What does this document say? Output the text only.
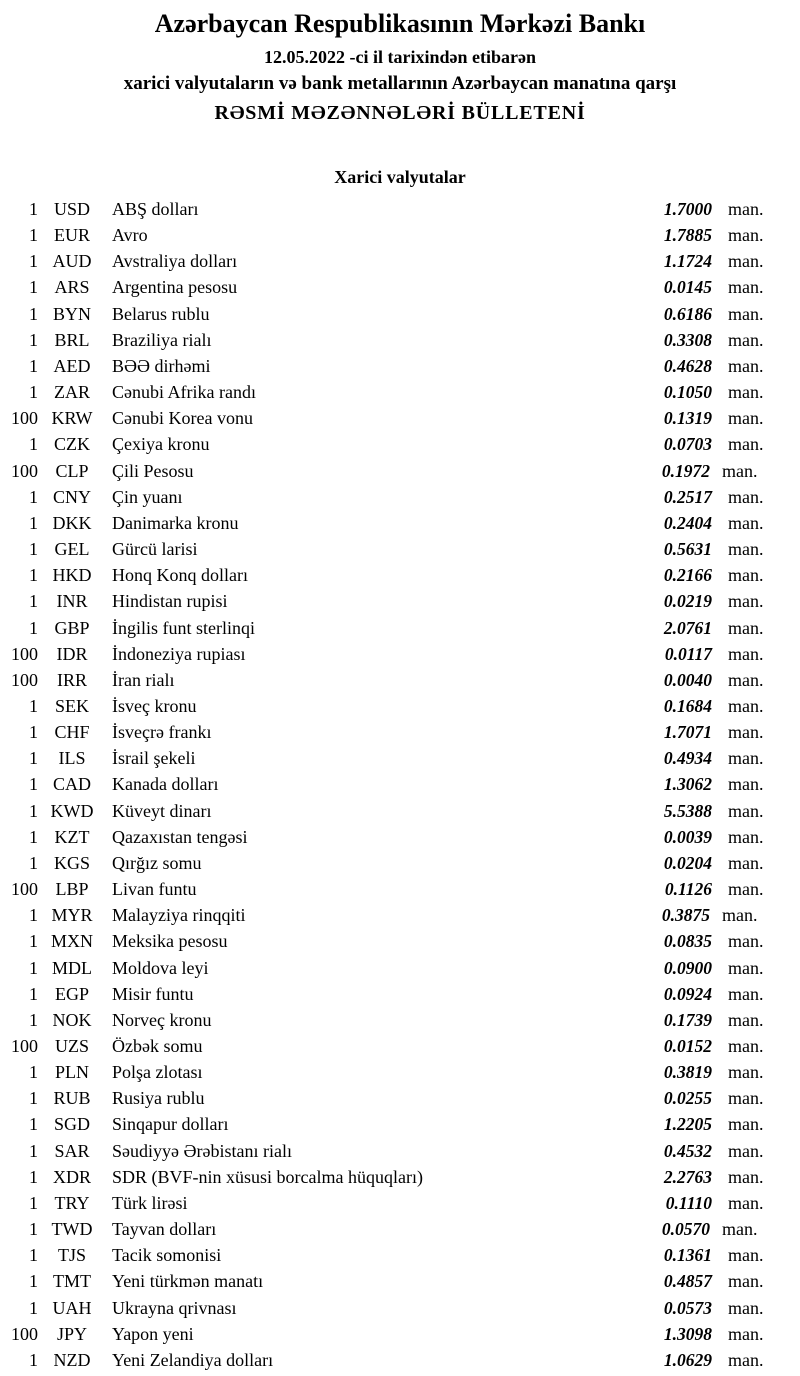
Azərbaycan Respublikasının Mərkəzi Bankı
12.05.2022 -ci il tarixindən etibarən
xarici valyutaların və bank metallarının Azərbaycan manatına qarşı
RƏSMİ MƏZƏNNƏLƏRİ BÜLLETENİ
Xarici valyutalar
1 USD	ABŞ dolları	1.7000 man.
1 EUR	Avro	1.7885 man.
1 AUD	Avstraliya dolları	1.1724 man.
1 ARS	Argentina pesosu	0.0145 man.
1 BYN	Belarus rublu	0.6186 man.
1 BRL	Braziliya rialı	0.3308 man.
1 AED	BƏƏ dirhəmi	0.4628 man.
1 ZAR	Cənubi Afrika randı	0.1050 man.
100 KRW	Cənubi Korea vonu	0.1319 man.
1 CZK	Çexiya kronu	0.0703 man.
100 CLP	Çili Pesosu	0.1972 man.
1 CNY	Çin yuanı	0.2517 man.
1 DKK	Danimarka kronu	0.2404 man.
1 GEL	Gürcü larisi	0.5631 man.
1 HKD	Honq Konq dolları	0.2166 man.
1	INR	Hindistan rupisi	0.0219 man.
1 GBP	İngilis funt sterlinqi	2.0761 man.
100	IDR	İndoneziya rupiası	0.0117 man.
100	IRR	İran rialı	0.0040 man.
1 SEK	İsveç kronu	0.1684 man.
1 CHF	İsveçrə frankı	1.7071 man.
1	ILS	İsrail şekeli	0.4934 man.
1 CAD	Kanada dolları	1.3062 man.
1 KWD	Küveyt dinarı	5.5388 man.
1 KZT	Qazaxıstan tengəsi	0.0039 man.
1 KGS	Qırğız somu	0.0204 man.
100 LBP	Livan funtu	0.1126 man.
1 MYR	Malayziya rinqqiti	0.3875 man.
1 MXN	Meksika pesosu	0.0835 man.
1 MDL	Moldova leyi	0.0900 man.
1 EGP	Misir funtu	0.0924 man.
1 NOK	Norveç kronu	0.1739 man.
100 UZS	Özbək somu	0.0152 man.
1 PLN	Polşa zlotası	0.3819 man.
1 RUB	Rusiya rublu	0.0255 man.
1 SGD	Sinqapur dolları	1.2205 man.
1 SAR	Səudiyyə Ərəbistanı rialı	0.4532 man.
1 XDR	SDR (BVF-nin xüsusi borcalma hüquqları)	2.2763 man.
1 TRY	Türk lirəsi	0.1110 man.
1 TWD	Tayvan dolları	0.0570 man.
1	TJS	Tacik somonisi	0.1361 man.
1 TMT	Yeni türkmən manatı	0.4857 man.
1 UAH	Ukrayna qrivnası	0.0573 man.
100	JPY	Yapon yeni	1.3098 man.
1 NZD	Yeni Zelandiya dolları	1.0629 man.
